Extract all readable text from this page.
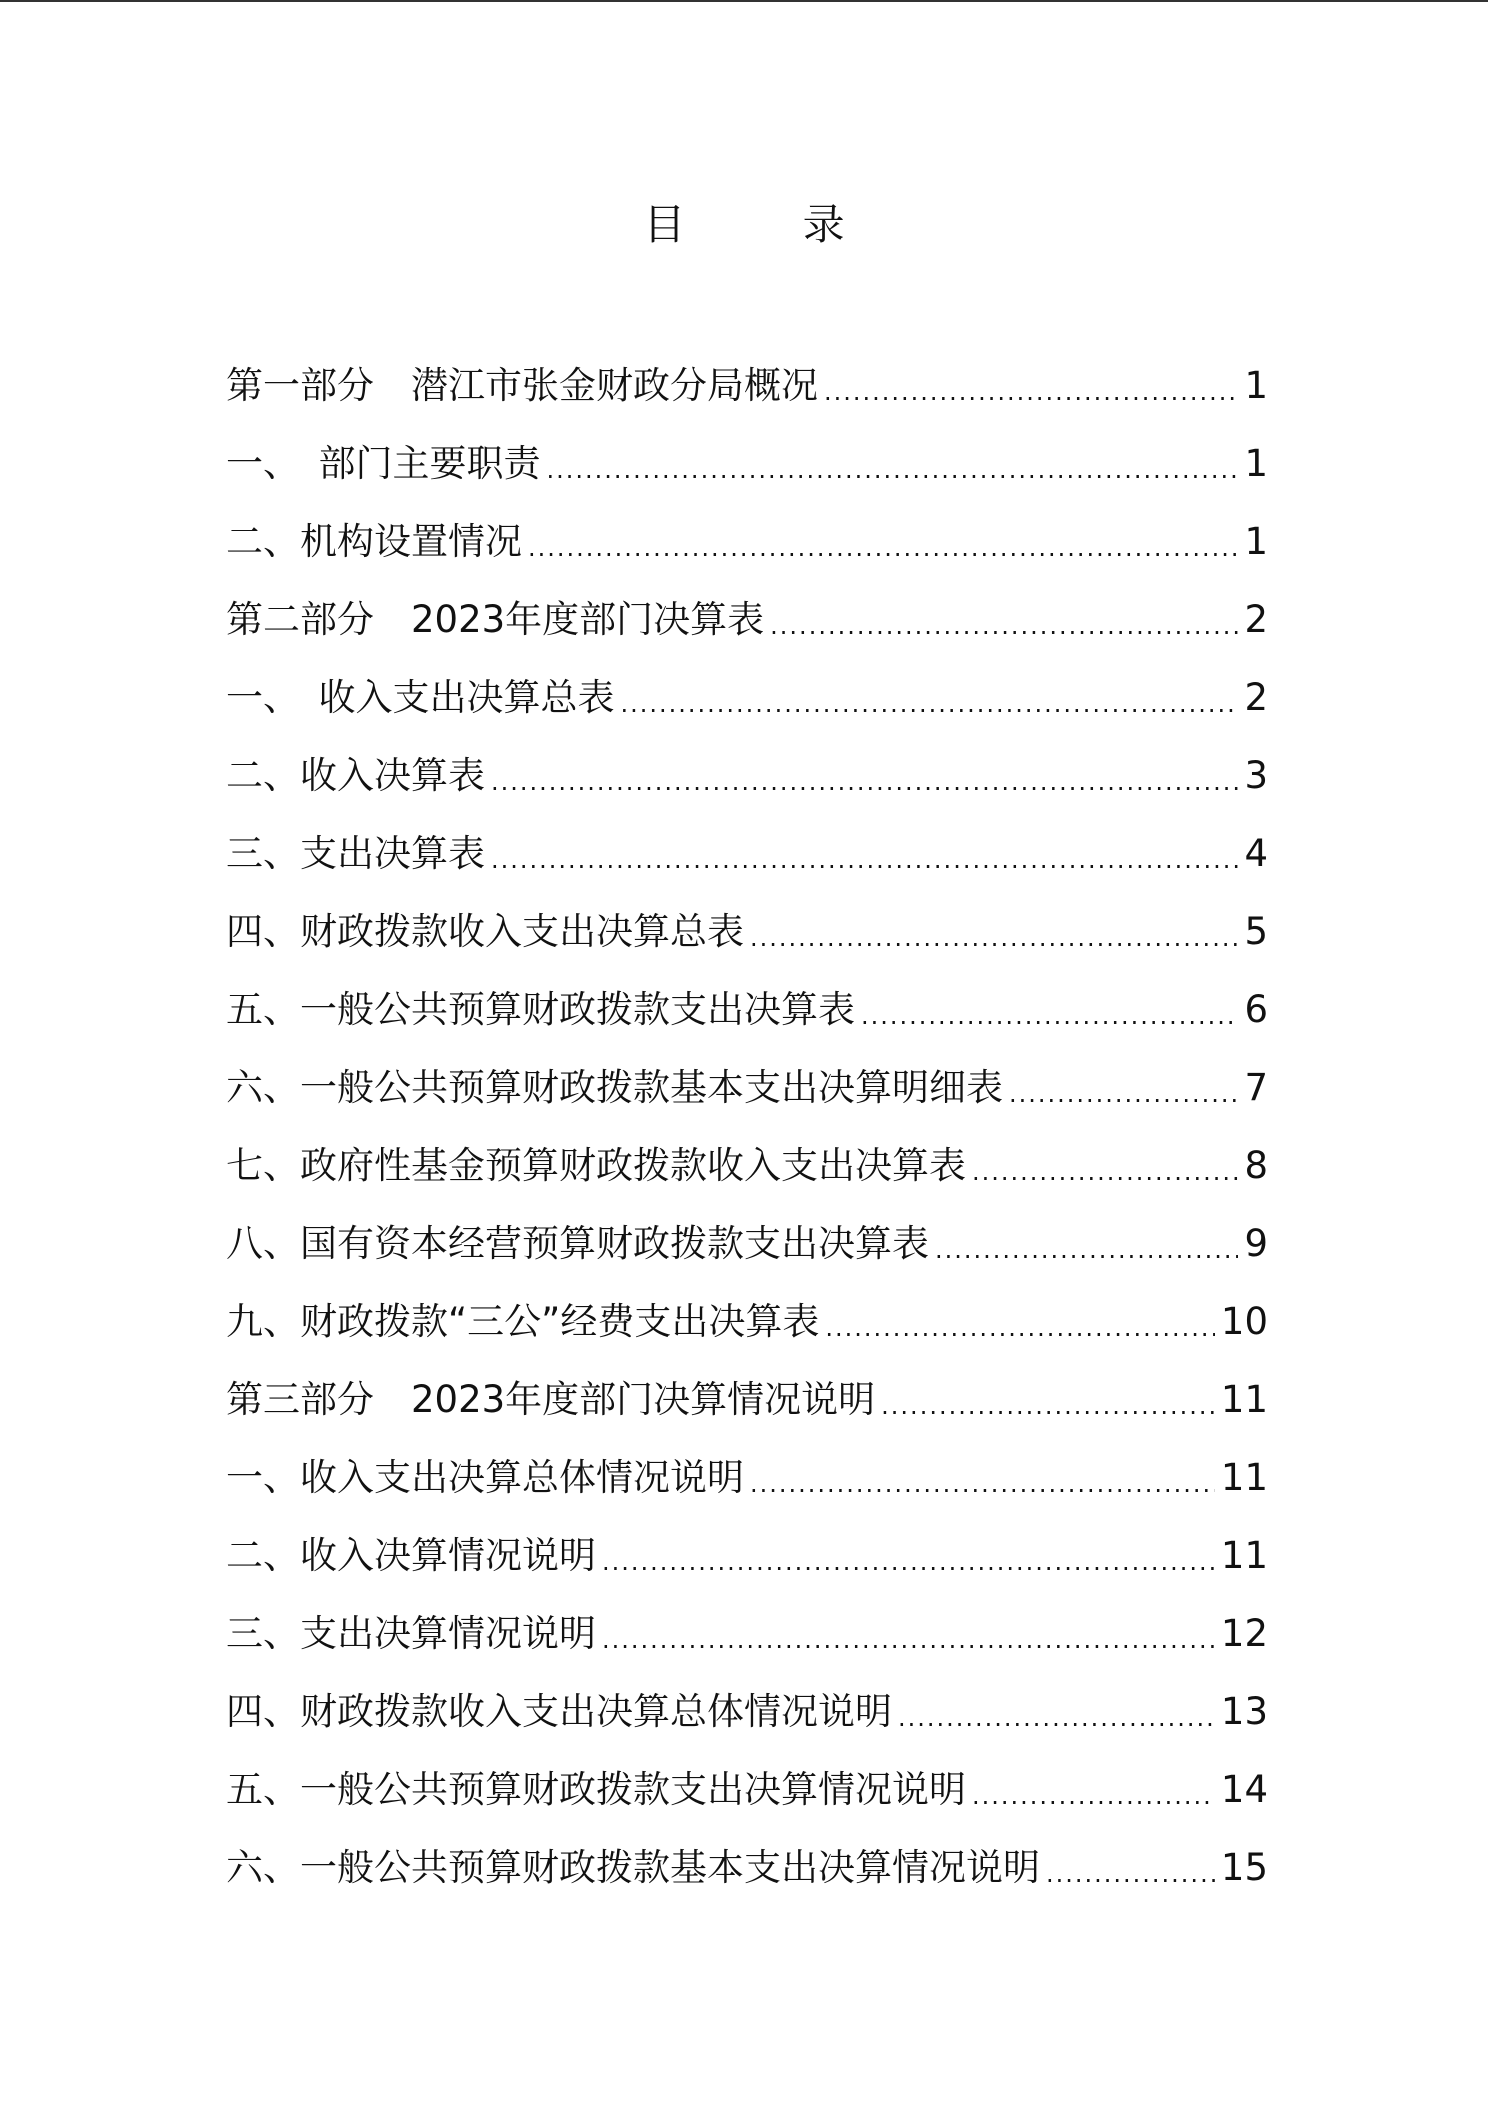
目 录
第一部分　潜江市张金财政分局概况 .....	1
一、　部门主要职责 .....	1
二、机构设置情况 .....	1
第二部分　2023年度部门决算表 .....	2
一、　收入支出决算总表 .....	2
二、收入决算表 .....	3
三、支出决算表 .....	4
四、财政拨款收入支出决算总表 .....	5
五、一般公共预算财政拨款支出决算表 .....	6
六、一般公共预算财政拨款基本支出决算明细表 .....	7
七、政府性基金预算财政拨款收入支出决算表 .....	8
八、国有资本经营预算财政拨款支出决算表 .....	9
九、财政拨款“三公”经费支出决算表 .....	10
第三部分　2023年度部门决算情况说明 .....	11
一、收入支出决算总体情况说明 .....	11
二、收入决算情况说明 .....	11
三、支出决算情况说明 .....	12
四、财政拨款收入支出决算总体情况说明 .....	13
五、一般公共预算财政拨款支出决算情况说明 .....	14
六、一般公共预算财政拨款基本支出决算情况说明 .....	15
